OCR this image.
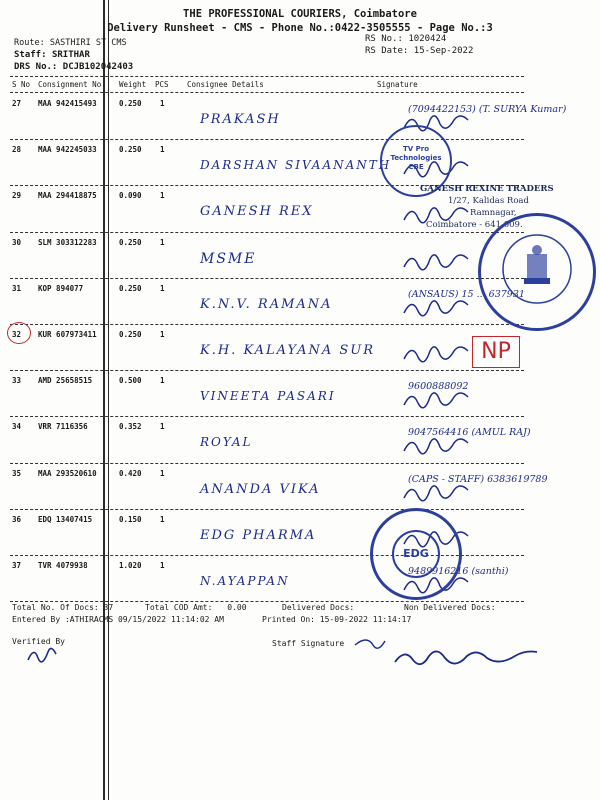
THE PROFESSIONAL COURIERS, Coimbatore
Delivery Runsheet - CMS - Phone No.:0422-3505555 - Page No.:3
Route: SASTHIRI ST CMS
Staff: SRITHAR
DRS No.: DCJB102042403
RS No.: 1020424
RS Date: 15-Sep-2022
S No Consignment No Weight PCS Consignee Details	Signature
27 MAA 942415493	0.250 1
PRAKASH
(7094422153) (T. SURYA Kumar)
28 MAA 942245033	0.250 1
DARSHAN SIVAANANTH
29 MAA 294418875	0.090 1
GANESH REX
30 SLM 303312283	0.250 1
MSME
31 KOP 894077	0.250 1
K.N.V. RAMANA
(ANSAUS) 15 ... 637931
32 KUR 607973411	0.250 1
K.H. KALAYANA SUR
33 AMD 25658515	0.500 1
VINEETA PASARI
9600888092
34 VRR 7116356	0.352 1
ROYAL
9047564416 (AMUL RAJ)
35 MAA 293520610	0.420 1
ANANDA VIKA
(CAPS - STAFF) 6383619789
36 EDQ 13407415	0.150 1
EDG PHARMA
37 TVR 4079938	1.020 1
N.AYAPPAN
9489916216 (santhi)
TV Pro Technologies CBE
GANESH REXINE TRADERS
1/27, Kalidas Road
Ramnagar,
Coimbatore - 641 009.
EDG
NP
Total No. Of Docs: 37	Total COD Amt: 0.00	Delivered Docs:	Non Delivered Docs:
Entered By :ATHIRACMS 09/15/2022 11:14:02 AM	Printed On: 15-09-2022 11:14:17
Verified By	Staff Signature
